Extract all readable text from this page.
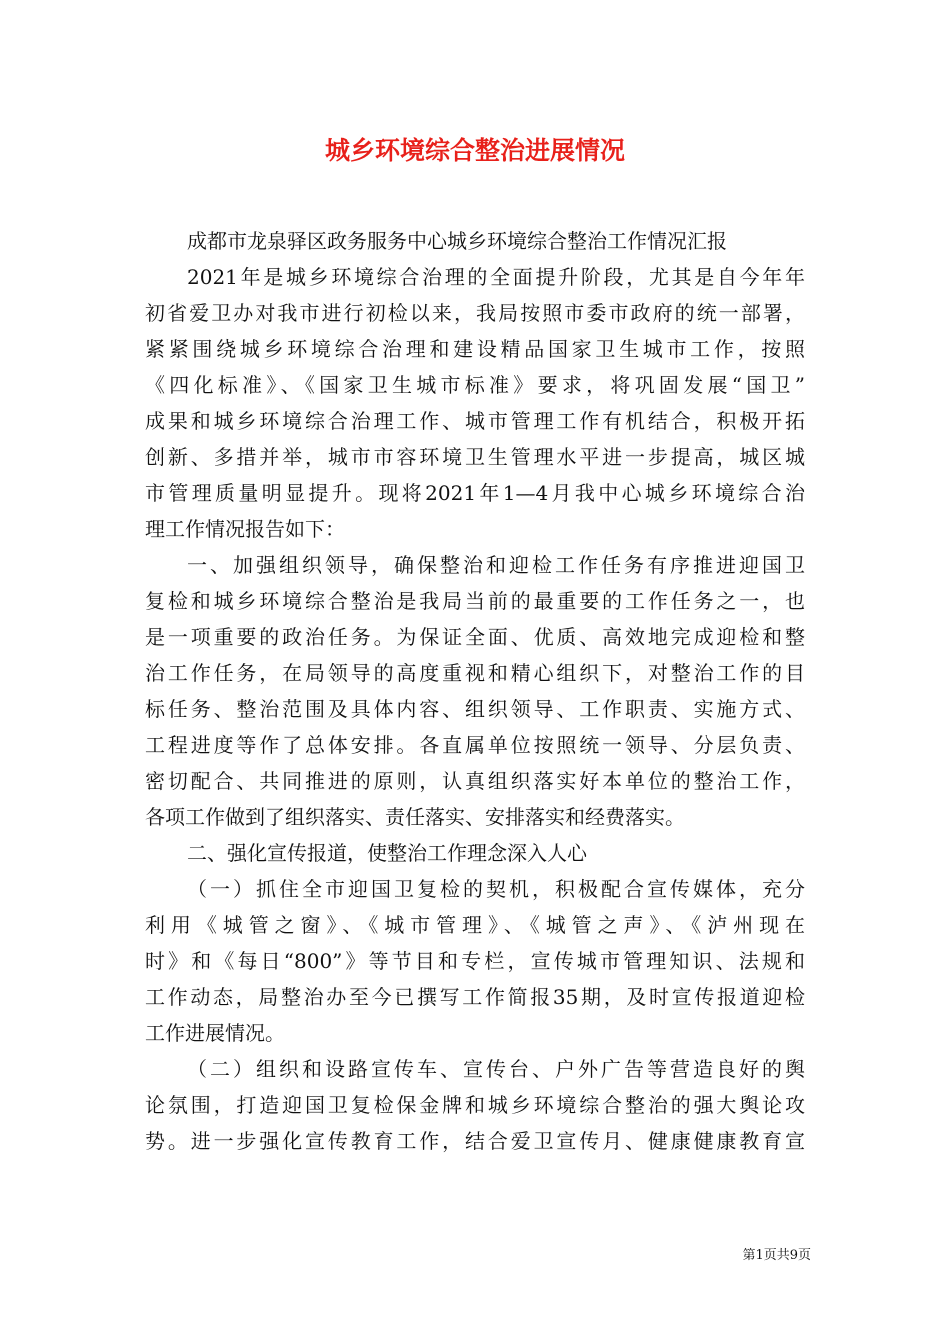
城乡环境综合整治进展情况
成都市龙泉驿区政务服务中心城乡环境综合整治工作情况汇报
2021年是城乡环境综合治理的全面提升阶段，尤其是自今年年
初省爱卫办对我市进行初检以来，我局按照市委市政府的统一部署，
紧紧围绕城乡环境综合治理和建设精品国家卫生城市工作，按照
《四化标准》、《国家卫生城市标准》要求，将巩固发展“国卫”
成果和城乡环境综合治理工作、城市管理工作有机结合，积极开拓
创新、多措并举，城市市容环境卫生管理水平进一步提高，城区城
市管理质量明显提升。现将2021年1—4月我中心城乡环境综合治
理工作情况报告如下：
一、加强组织领导，确保整治和迎检工作任务有序推进迎国卫
复检和城乡环境综合整治是我局当前的最重要的工作任务之一，也
是一项重要的政治任务。为保证全面、优质、高效地完成迎检和整
治工作任务，在局领导的高度重视和精心组织下，对整治工作的目
标任务、整治范围及具体内容、组织领导、工作职责、实施方式、
工程进度等作了总体安排。各直属单位按照统一领导、分层负责、
密切配合、共同推进的原则，认真组织落实好本单位的整治工作，
各项工作做到了组织落实、责任落实、安排落实和经费落实。
二、强化宣传报道，使整治工作理念深入人心
（一）抓住全市迎国卫复检的契机，积极配合宣传媒体，充分
利用《城管之窗》、《城市管理》、《城管之声》、《泸州现在
时》和《每日“800”》等节目和专栏，宣传城市管理知识、法规和
工作动态，局整治办至今已撰写工作简报35期，及时宣传报道迎检
工作进展情况。
（二）组织和设路宣传车、宣传台、户外广告等营造良好的舆
论氛围，打造迎国卫复检保金牌和城乡环境综合整治的强大舆论攻
势。进一步强化宣传教育工作，结合爱卫宣传月、健康健康教育宣
第1页共9页
